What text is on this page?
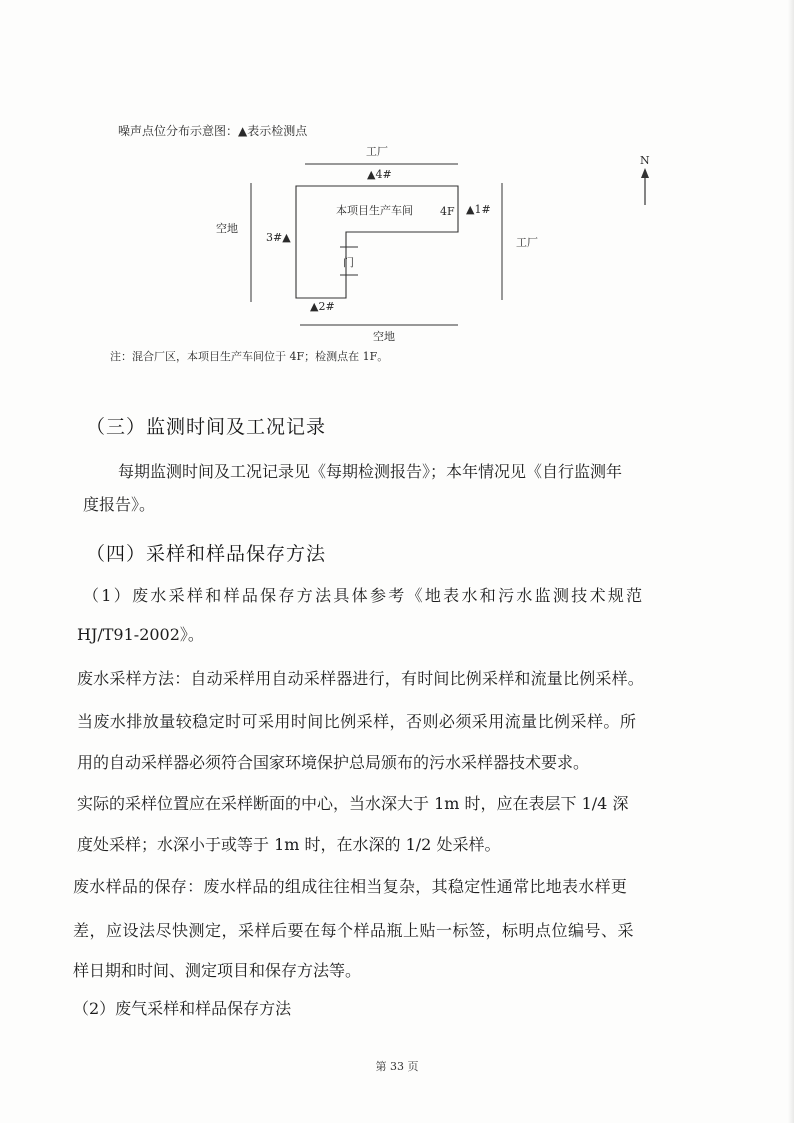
噪声点位分布示意图：▲表示检测点
N
工厂
▲4#
本项目生产车间 4F ▲1#
空地
3#▲	工厂
门
▲2#
空地
注：混合厂区，本项目生产车间位于 4F；检测点在 1F。
（三）监测时间及工况记录
每期监测时间及工况记录见《每期检测报告》；本年情况见《自行监测年
度报告》。
（四）采样和样品保存方法
（1）废水采样和样品保存方法具体参考《地表水和污水监测技术规范
HJ/T91-2002》。
废水采样方法：自动采样用自动采样器进行，有时间比例采样和流量比例采样。
当废水排放量较稳定时可采用时间比例采样，否则必须采用流量比例采样。所
用的自动采样器必须符合国家环境保护总局颁布的污水采样器技术要求。
实际的采样位置应在采样断面的中心，当水深大于 1m 时，应在表层下 1/4 深
度处采样；水深小于或等于 1m 时，在水深的 1/2 处采样。
废水样品的保存：废水样品的组成往往相当复杂，其稳定性通常比地表水样更
差，应设法尽快测定，采样后要在每个样品瓶上贴一标签，标明点位编号、采
样日期和时间、测定项目和保存方法等。
（2）废气采样和样品保存方法
第 33 页
